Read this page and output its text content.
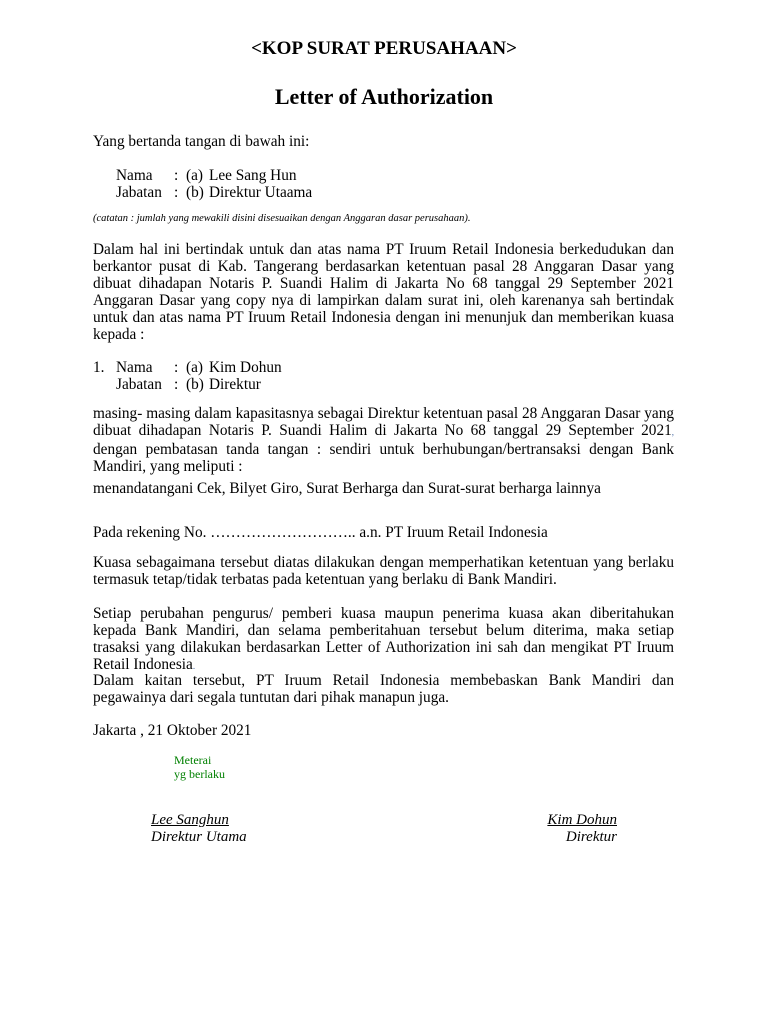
<KOP SURAT PERUSAHAAN>
Letter of Authorization
Yang bertanda tangan di bawah ini:
Nama : (a) Lee Sang Hun
Jabatan : (b) Direktur Utaama
(catatan : jumlah yang mewakili disini disesuaikan dengan Anggaran dasar perusahaan).
Dalam hal ini bertindak untuk dan atas nama PT Iruum Retail Indonesia berkedudukan dan berkantor pusat di Kab. Tangerang berdasarkan ketentuan pasal 28 Anggaran Dasar yang dibuat dihadapan Notaris P. Suandi Halim di Jakarta No 68 tanggal 29 September 2021 Anggaran Dasar yang copy nya di lampirkan dalam surat ini, oleh karenanya sah bertindak untuk dan atas nama PT Iruum Retail Indonesia dengan ini menunjuk dan memberikan kuasa kepada :
1. Nama : (a) Kim Dohun
Jabatan : (b) Direktur
masing- masing dalam kapasitasnya sebagai Direktur ketentuan pasal 28 Anggaran Dasar yang dibuat dihadapan Notaris P. Suandi Halim di Jakarta No 68 tanggal 29 September 2021, dengan pembatasan tanda tangan : sendiri untuk berhubungan/bertransaksi dengan Bank Mandiri, yang meliputi :
menandatangani Cek, Bilyet Giro, Surat Berharga dan Surat-surat berharga lainnya
Pada rekening No. ……………………….. a.n. PT Iruum Retail Indonesia
Kuasa sebagaimana tersebut diatas dilakukan dengan memperhatikan ketentuan yang berlaku termasuk tetap/tidak terbatas pada ketentuan yang berlaku di Bank Mandiri.
Setiap perubahan pengurus/ pemberi kuasa maupun penerima kuasa akan diberitahukan kepada Bank Mandiri, dan selama pemberitahuan tersebut belum diterima, maka setiap trasaksi yang dilakukan berdasarkan Letter of Authorization ini sah dan mengikat PT Iruum Retail Indonesia.
Dalam kaitan tersebut, PT Iruum Retail Indonesia membebaskan Bank Mandiri dan pegawainya dari segala tuntutan dari pihak manapun juga.
Jakarta , 21 Oktober 2021
Meterai
yg berlaku
Lee Sanghun
Direktur Utama
Kim Dohun
Direktur
